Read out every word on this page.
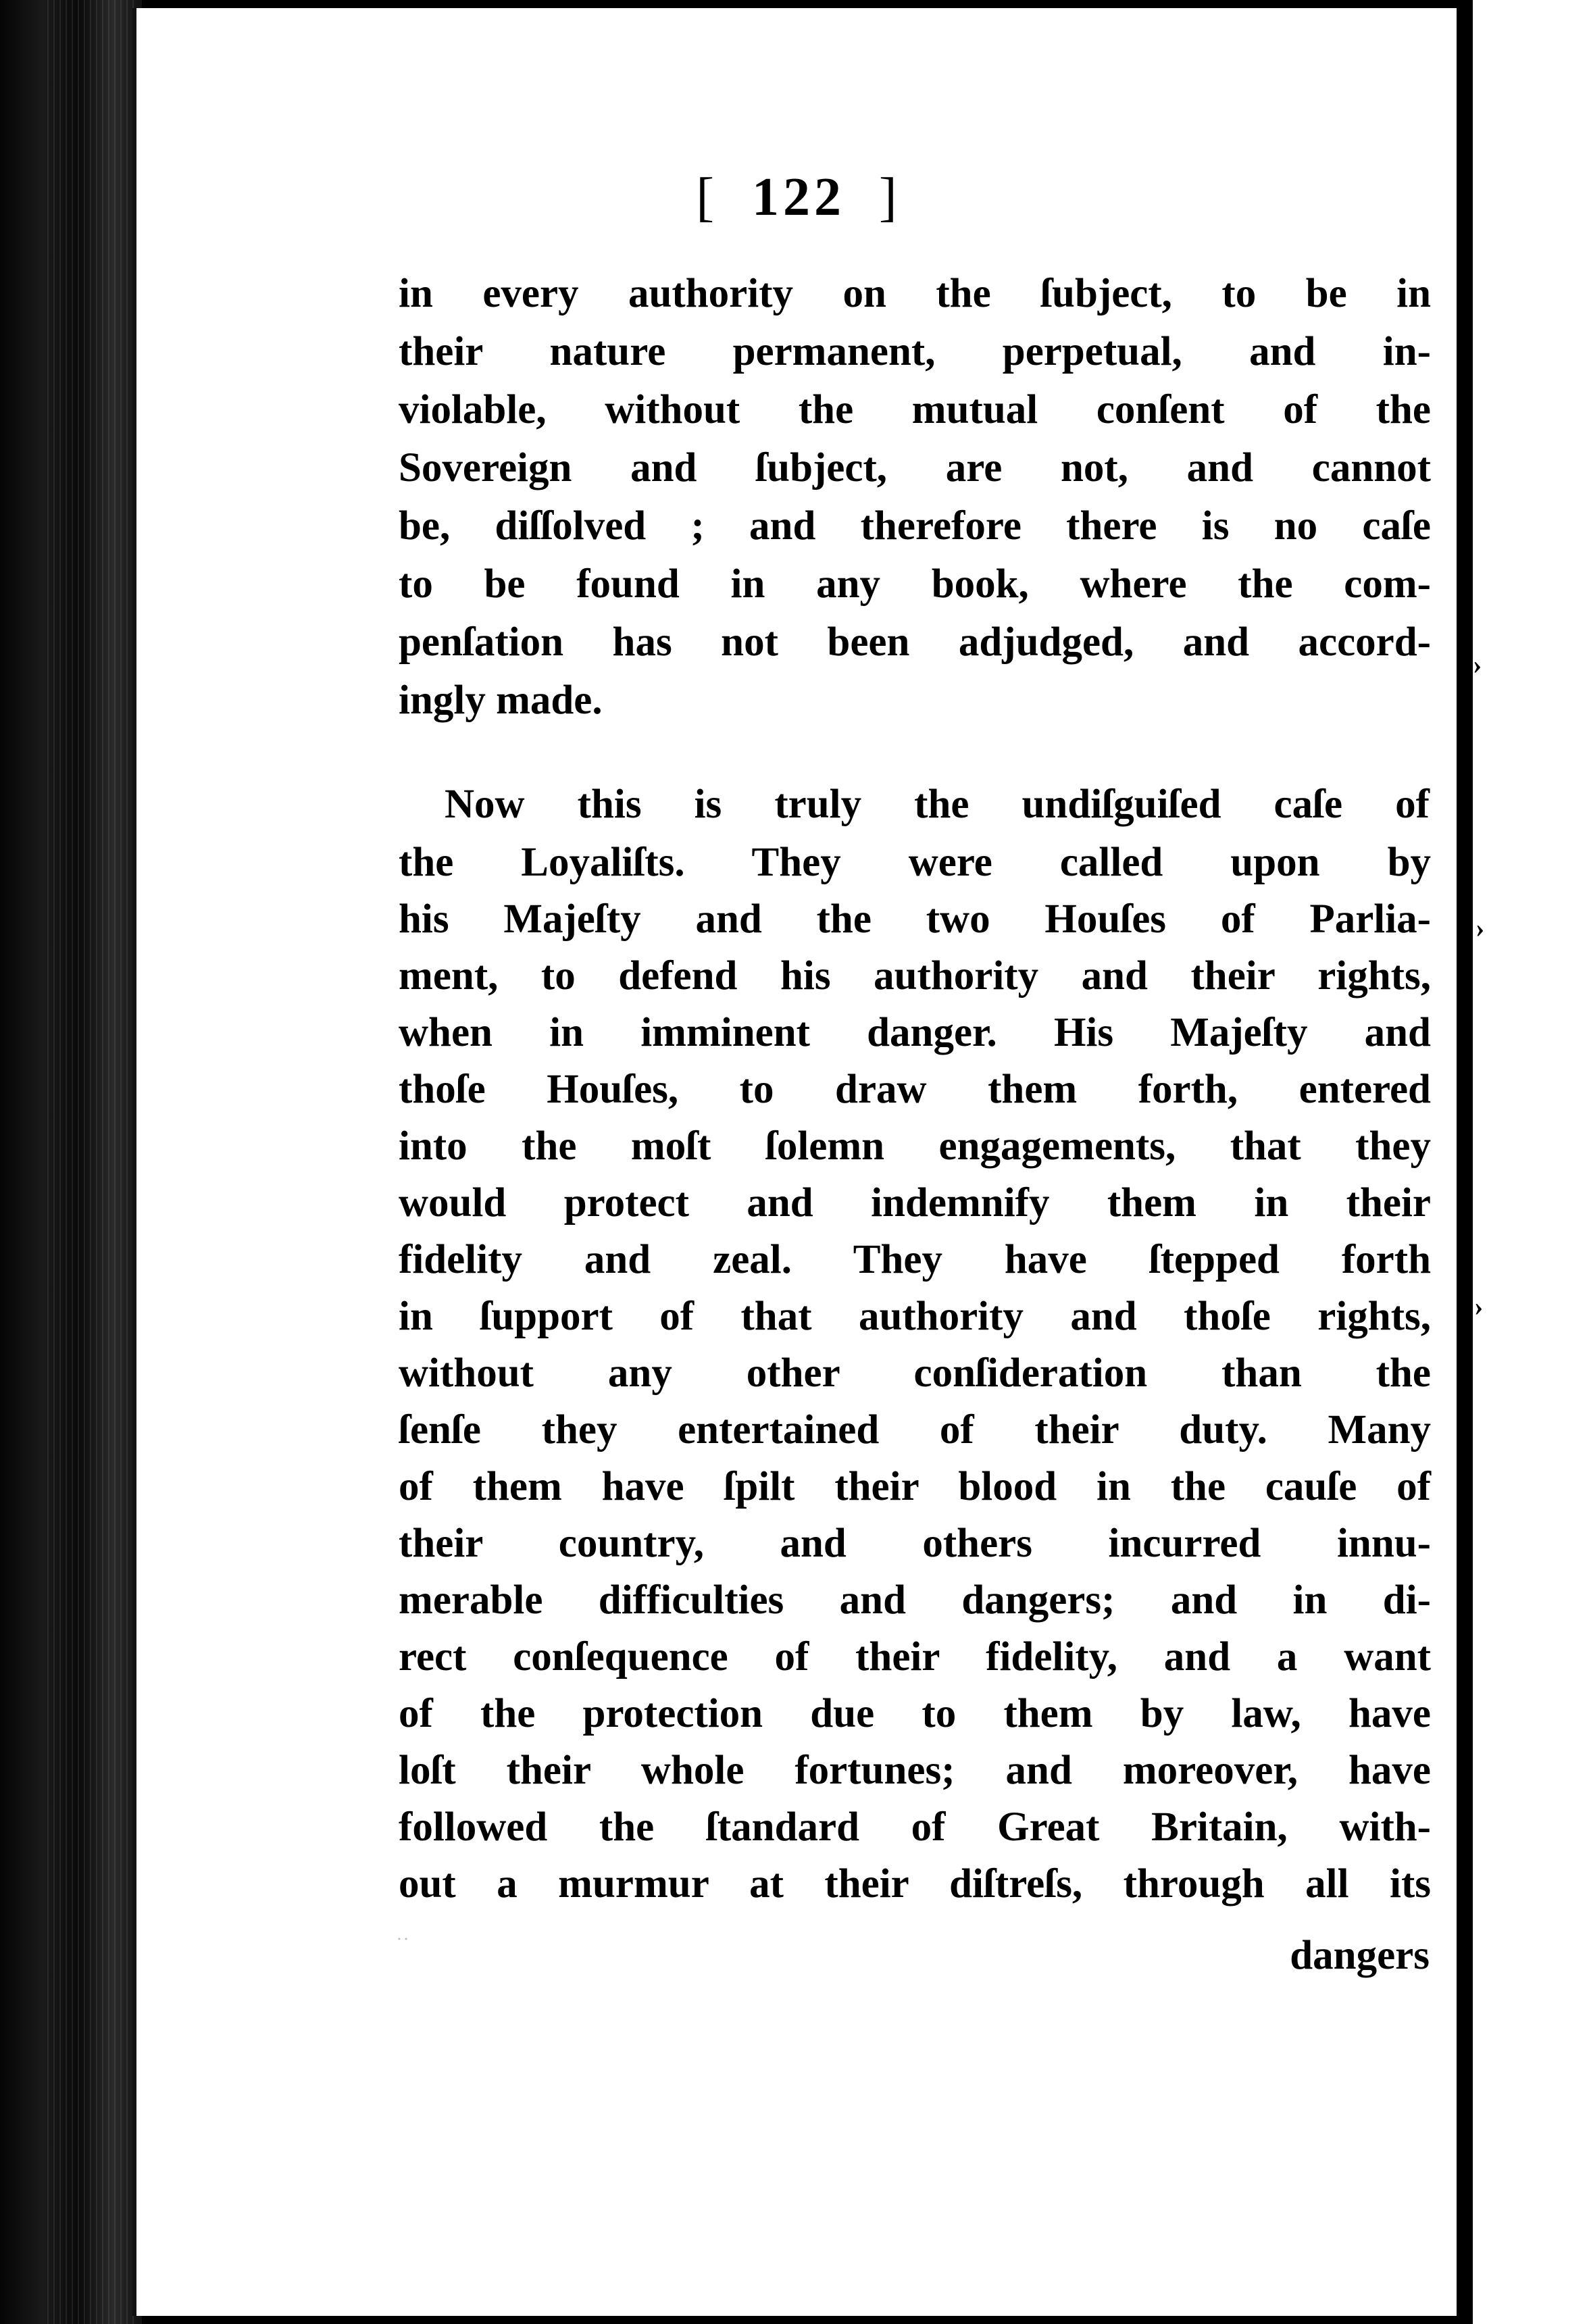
[ 122 ]
in every authority on the ſubject, to be in
their nature permanent, perpetual, and in-
violable, without the mutual conſent of the
Sovereign and ſubject, are not, and cannot
be, diſſolved ; and therefore there is no caſe
to be found in any book, where the com-
penſation has not been adjudged, and accord-
ingly made.
Now this is truly the undiſguiſed caſe of
the Loyaliſts. They were called upon by
his Majeſty and the two Houſes of Parlia-
ment, to defend his authority and their rights,
when in imminent danger. His Majeſty and
thoſe Houſes, to draw them forth, entered
into the moſt ſolemn engagements, that they
would protect and indemnify them in their
fidelity and zeal. They have ſtepped forth
in ſupport of that authority and thoſe rights,
without any other conſideration than the
ſenſe they entertained of their duty. Many
of them have ſpilt their blood in the cauſe of
their country, and others incurred innu-
merable difficulties and dangers; and in di-
rect conſequence of their fidelity, and a want
of the protection due to them by law, have
loſt their whole fortunes; and moreover, have
followed the ſtandard of Great Britain, with-
out a murmur at their diſtreſs, through all its
dangers
˙˙
›
›
›
